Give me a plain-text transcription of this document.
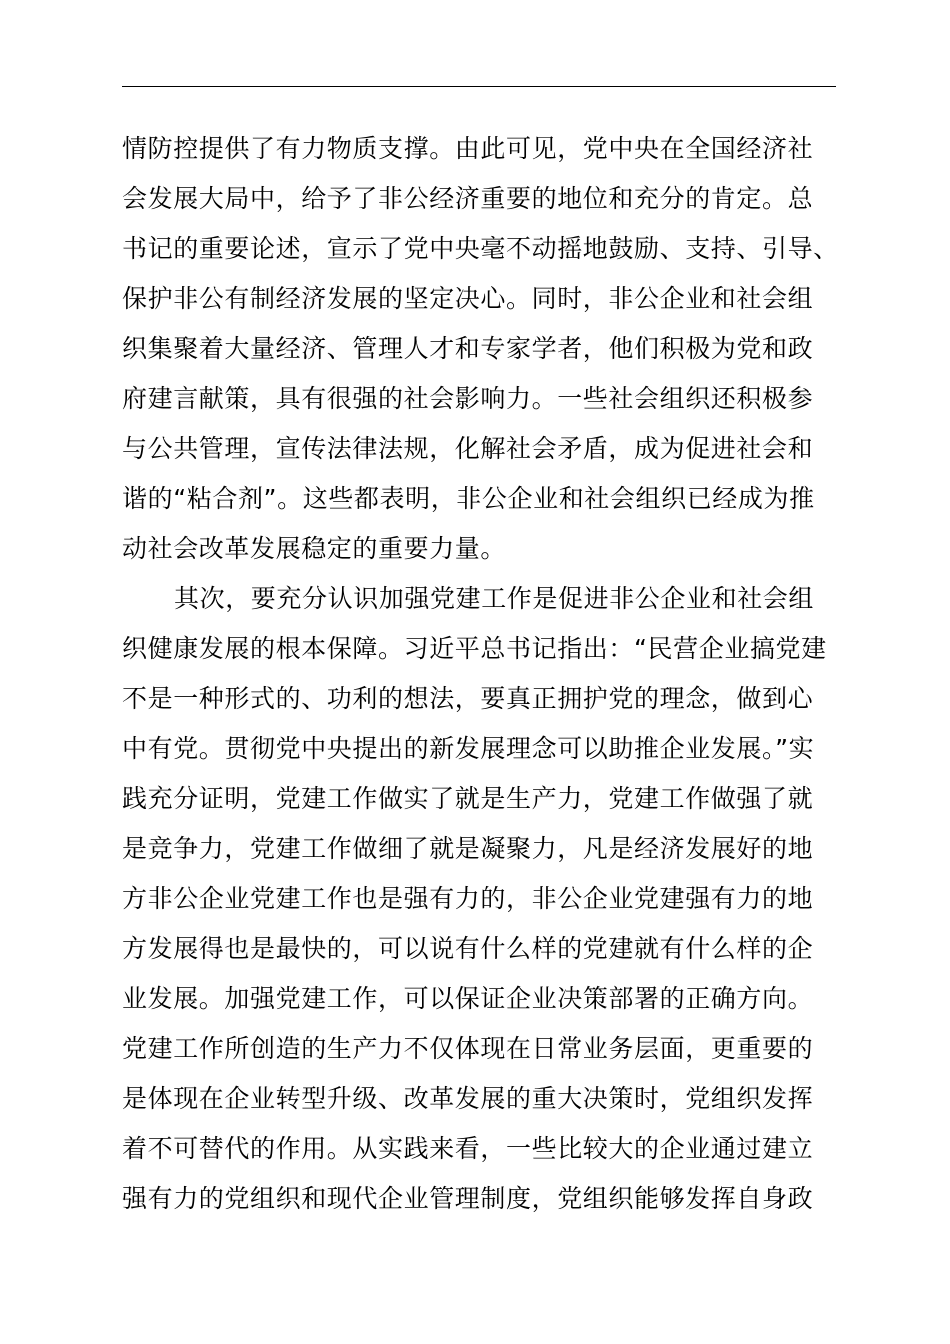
情防控提供了有力物质支撑。由此可见，党中央在全国经济社
会发展大局中，给予了非公经济重要的地位和充分的肯定。总
书记的重要论述，宣示了党中央毫不动摇地鼓励、支持、引导、
保护非公有制经济发展的坚定决心。同时，非公企业和社会组
织集聚着大量经济、管理人才和专家学者，他们积极为党和政
府建言献策，具有很强的社会影响力。一些社会组织还积极参
与公共管理，宣传法律法规，化解社会矛盾，成为促进社会和
谐的“粘合剂”。这些都表明，非公企业和社会组织已经成为推
动社会改革发展稳定的重要力量。
其次，要充分认识加强党建工作是促进非公企业和社会组
织健康发展的根本保障。习近平总书记指出：“民营企业搞党建
不是一种形式的、功利的想法，要真正拥护党的理念，做到心
中有党。贯彻党中央提出的新发展理念可以助推企业发展。”实
践充分证明，党建工作做实了就是生产力，党建工作做强了就
是竞争力，党建工作做细了就是凝聚力，凡是经济发展好的地
方非公企业党建工作也是强有力的，非公企业党建强有力的地
方发展得也是最快的，可以说有什么样的党建就有什么样的企
业发展。加强党建工作，可以保证企业决策部署的正确方向。
党建工作所创造的生产力不仅体现在日常业务层面，更重要的
是体现在企业转型升级、改革发展的重大决策时，党组织发挥
着不可替代的作用。从实践来看，一些比较大的企业通过建立
强有力的党组织和现代企业管理制度，党组织能够发挥自身政
